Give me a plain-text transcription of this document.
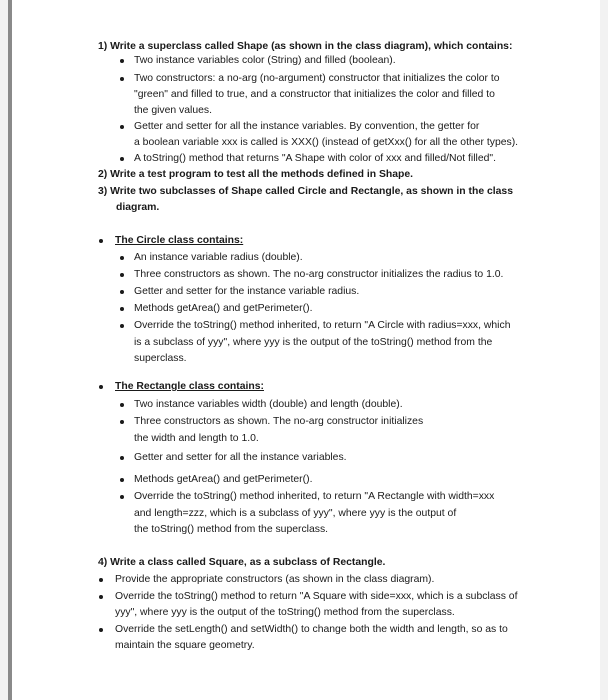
1) Write a superclass called Shape (as shown in the class diagram), which contains:
Two instance variables color (String) and filled (boolean).
Two constructors: a no-arg (no-argument) constructor that initializes the color to
"green" and filled to true, and a constructor that initializes the color and filled to
the given values.
Getter and setter for all the instance variables. By convention, the getter for
a boolean variable xxx is called is XXX() (instead of getXxx() for all the other types).
A toString() method that returns "A Shape with color of xxx and filled/Not filled".
2) Write a test program to test all the methods defined in Shape.
3) Write two subclasses of Shape called Circle and Rectangle, as shown in the class
diagram.
The Circle class contains:
An instance variable radius (double).
Three constructors as shown. The no-arg constructor initializes the radius to 1.0.
Getter and setter for the instance variable radius.
Methods getArea() and getPerimeter().
Override the toString() method inherited, to return "A Circle with radius=xxx, which
is a subclass of yyy", where yyy is the output of the toString() method from the
superclass.
The Rectangle class contains:
Two instance variables width (double) and length (double).
Three constructors as shown. The no-arg constructor initializes
the width and length to 1.0.
Getter and setter for all the instance variables.
Methods getArea() and getPerimeter().
Override the toString() method inherited, to return "A Rectangle with width=xxx
and length=zzz, which is a subclass of yyy", where yyy is the output of
the toString() method from the superclass.
4) Write a class called Square, as a subclass of Rectangle.
Provide the appropriate constructors (as shown in the class diagram).
Override the toString() method to return "A Square with side=xxx, which is a subclass of
yyy", where yyy is the output of the toString() method from the superclass.
Override the setLength() and setWidth() to change both the width and length, so as to
maintain the square geometry.
